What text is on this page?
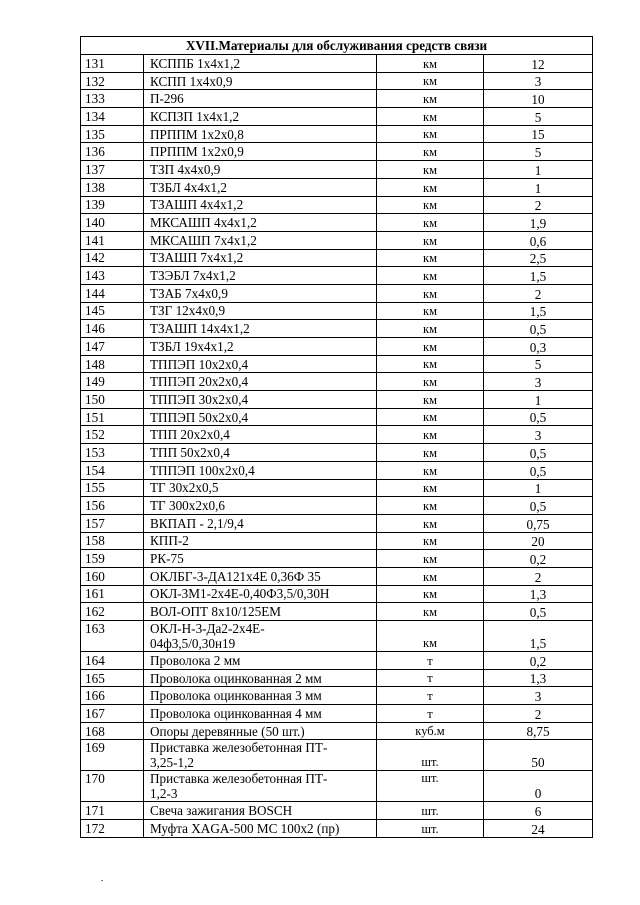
XVII.Материалы для обслуживания средств связи			
131	КСППБ 1х4х1,2	км	12
132	КСПП 1х4х0,9	км	3
133	П-296	км	10
134	КСПЗП 1х4х1,2	км	5
135	ПРППМ 1х2х0,8	км	15
136	ПРППМ 1х2х0,9	км	5
137	ТЗП 4х4х0,9	км	1
138	ТЗБЛ 4х4х1,2	км	1
139	ТЗАШП 4х4х1,2	км	2
140	МКСАШП 4х4х1,2	км	1,9
141	МКСАШП 7х4х1,2	км	0,6
142	ТЗАШП 7х4х1,2	км	2,5
143	ТЗЭБЛ 7х4х1,2	км	1,5
144	ТЗАБ 7х4х0,9	км	2
145	ТЗГ 12х4х0,9	км	1,5
146	ТЗАШП 14х4х1,2	км	0,5
147	ТЗБЛ 19х4х1,2	км	0,3
148	ТППЭП 10х2х0,4	км	5
149	ТППЭП 20х2х0,4	км	3
150	ТППЭП 30х2х0,4	км	1
151	ТППЭП 50х2х0,4	км	0,5
152	ТПП 20х2х0,4	км	3
153	ТПП 50х2х0,4	км	0,5
154	ТППЭП 100х2х0,4	км	0,5
155	ТГ 30х2х0,5	км	1
156	ТГ 300х2х0,6	км	0,5
157	ВКПАП - 2,1/9,4	км	0,75
158	КПП-2	км	20
159	РК-75	км	0,2
160	ОКЛБГ-3-ДА121х4Е 0,36Ф 35	км	2
161	ОКЛ-3М1-2х4Е-0,40Ф3,5/0,30Н	км	1,3
162	ВОЛ-ОПТ 8х10/125ЕМ	км	0,5
163	ОКЛ-Н-3-Да2-2х4Е-
04ф3,5/0,30н19	км	1,5
164	Проволока 2 мм	т	0,2
165	Проволока оцинкованная 2 мм	т	1,3
166	Проволока оцинкованная 3 мм	т	3
167	Проволока оцинкованная 4 мм	т	2
168	Опоры деревянные (50 шт.)	куб.м	8,75
169	Приставка железобетонная ПТ-
3,25-1,2	шт.	50
170	Приставка железобетонная ПТ-
1,2-3	шт.	0
171	Свеча зажигания BOSCH	шт.	6
172	Муфта XAGA-500 МС 100х2 (пр)	шт.	24
